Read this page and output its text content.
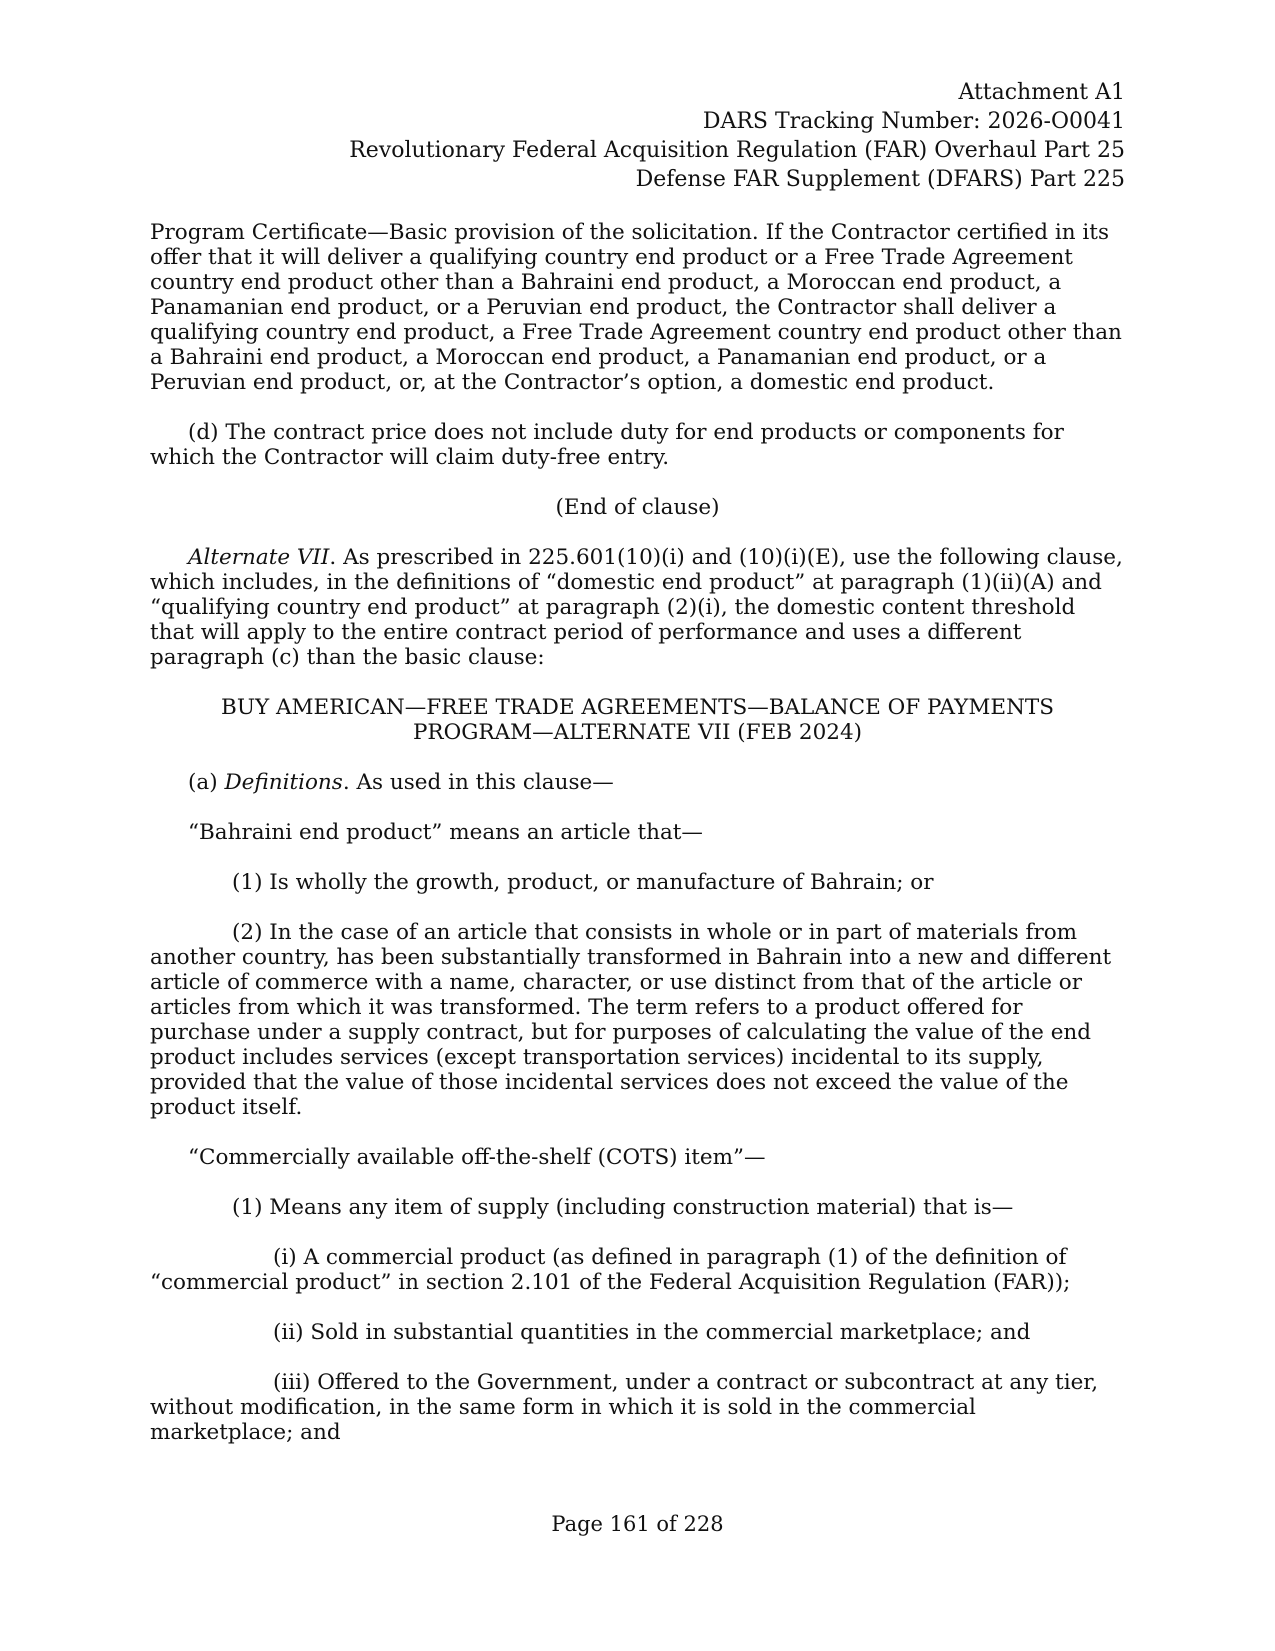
Attachment A1
DARS Tracking Number: 2026-O0041
Revolutionary Federal Acquisition Regulation (FAR) Overhaul Part 25
Defense FAR Supplement (DFARS) Part 225

Program Certificate—Basic provision of the solicitation. If the Contractor certified in its offer that it will deliver a qualifying country end product or a Free Trade Agreement country end product other than a Bahraini end product, a Moroccan end product, a Panamanian end product, or a Peruvian end product, the Contractor shall deliver a qualifying country end product, a Free Trade Agreement country end product other than a Bahraini end product, a Moroccan end product, a Panamanian end product, or a Peruvian end product, or, at the Contractor’s option, a domestic end product.

(d) The contract price does not include duty for end products or components for which the Contractor will claim duty-free entry.

(End of clause)

Alternate VII. As prescribed in 225.601(10)(i) and (10)(i)(E), use the following clause, which includes, in the definitions of “domestic end product” at paragraph (1)(ii)(A) and “qualifying country end product” at paragraph (2)(i), the domestic content threshold that will apply to the entire contract period of performance and uses a different paragraph (c) than the basic clause:

BUY AMERICAN—FREE TRADE AGREEMENTS—BALANCE OF PAYMENTS
PROGRAM—ALTERNATE VII (FEB 2024)

(a) Definitions. As used in this clause—

“Bahraini end product” means an article that—

(1) Is wholly the growth, product, or manufacture of Bahrain; or

(2) In the case of an article that consists in whole or in part of materials from another country, has been substantially transformed in Bahrain into a new and different article of commerce with a name, character, or use distinct from that of the article or articles from which it was transformed. The term refers to a product offered for purchase under a supply contract, but for purposes of calculating the value of the end product includes services (except transportation services) incidental to its supply, provided that the value of those incidental services does not exceed the value of the product itself.

“Commercially available off-the-shelf (COTS) item”—

(1) Means any item of supply (including construction material) that is—

(i) A commercial product (as defined in paragraph (1) of the definition of “commercial product” in section 2.101 of the Federal Acquisition Regulation (FAR));

(ii) Sold in substantial quantities in the commercial marketplace; and

(iii) Offered to the Government, under a contract or subcontract at any tier, without modification, in the same form in which it is sold in the commercial marketplace; and

Page 161 of 228
